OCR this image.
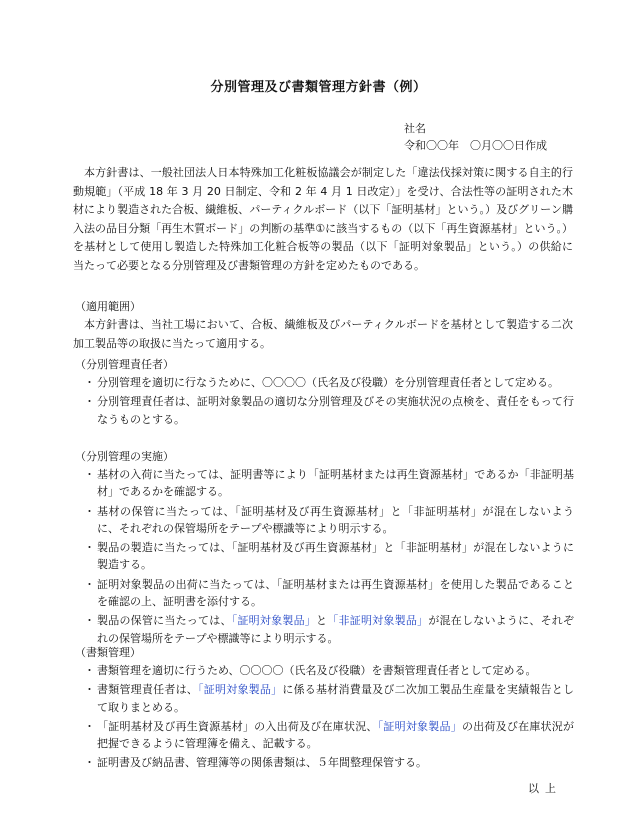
分別管理及び書類管理方針書（例）
社名
令和〇〇年　〇月〇〇日作成
本方針書は、一般社団法人日本特殊加工化粧板協議会が制定した「違法伐採対策に関する自主的行動規範」（平成 18 年 3 月 20 日制定、令和 2 年 4 月 1 日改定）」を受け、合法性等の証明された木材により製造された合板、繊維板、パーティクルボード（以下「証明基材」という。）及びグリーン購入法の品目分類「再生木質ボード」の判断の基準①に該当するもの（以下「再生資源基材」という。）を基材として使用し製造した特殊加工化粧合板等の製品（以下「証明対象製品」という。）の供給に当たって必要となる分別管理及び書類管理の方針を定めたものである。
（適用範囲）
本方針書は、当社工場において、合板、繊維板及びパーティクルボードを基材として製造する二次加工製品等の取扱に当たって適用する。
（分別管理責任者）
・ 分別管理を適切に行なうために、〇〇〇〇（氏名及び役職）を分別管理責任者として定める。
・ 分別管理責任者は、証明対象製品の適切な分別管理及びその実施状況の点検を、責任をもって行なうものとする。
（分別管理の実施）
・ 基材の入荷に当たっては、証明書等により「証明基材または再生資源基材」であるか「非証明基材」であるかを確認する。
・ 基材の保管に当たっては、「証明基材及び再生資源基材」と「非証明基材」が混在しないように、それぞれの保管場所をテープや標識等により明示する。
・ 製品の製造に当たっては、「証明基材及び再生資源基材」と「非証明基材」が混在しないように製造する。
・ 証明対象製品の出荷に当たっては、「証明基材または再生資源基材」を使用した製品であることを確認の上、証明書を添付する。
・ 製品の保管に当たっては、「証明対象製品」と「非証明対象製品」が混在しないように、それぞれの保管場所をテープや標識等により明示する。
（書類管理）
・ 書類管理を適切に行うため、〇〇〇〇（氏名及び役職）を書類管理責任者として定める。
・ 書類管理責任者は、「証明対象製品」に係る基材消費量及び二次加工製品生産量を実績報告として取りまとめる。
・ 「証明基材及び再生資源基材」の入出荷及び在庫状況、「証明対象製品」の出荷及び在庫状況が把握できるように管理簿を備え、記載する。
・ 証明書及び納品書、管理簿等の関係書類は、５年間整理保管する。
以上
